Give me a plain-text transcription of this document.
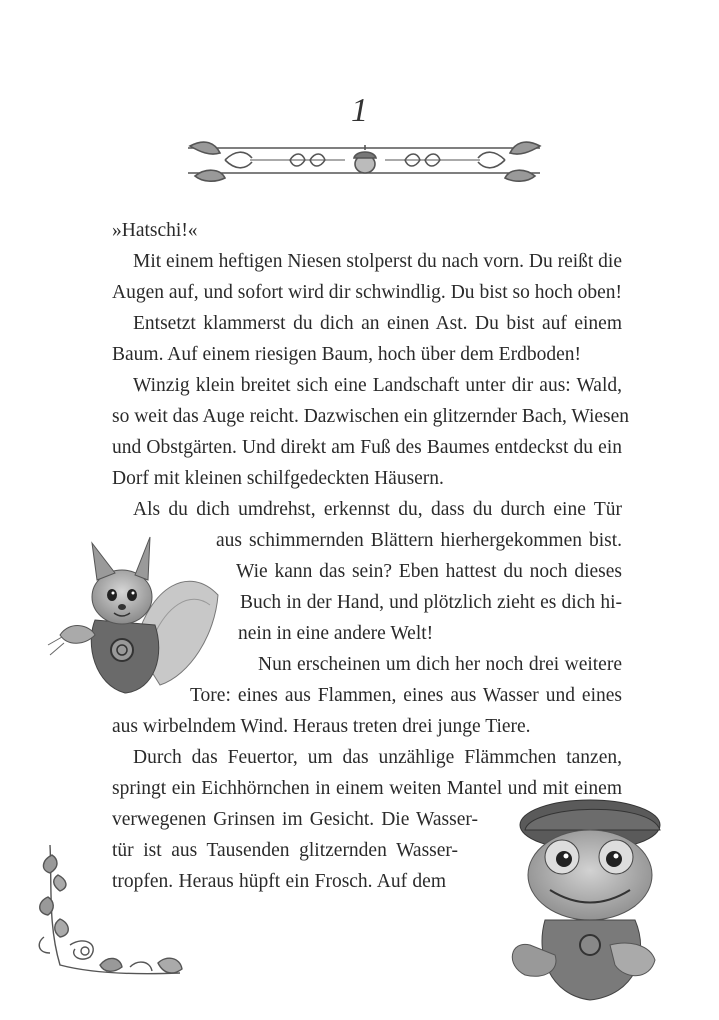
1
»Hatschi!«
Mit einem heftigen Niesen stolperst du nach vorn. Du reißt die
Augen auf, und sofort wird dir schwindlig. Du bist so hoch oben!
Entsetzt klammerst du dich an einen Ast. Du bist auf einem
Baum. Auf einem riesigen Baum, hoch über dem Erdboden!
Winzig klein breitet sich eine Landschaft unter dir aus: Wald,
so weit das Auge reicht. Dazwischen ein glitzernder Bach, Wiesen
und Obstgärten. Und direkt am Fuß des Baumes entdeckst du ein
Dorf mit kleinen schilfgedeckten Häusern.
Als du dich umdrehst, erkennst du, dass du durch eine Tür
aus schimmernden Blättern hierhergekommen bist.
Wie kann das sein? Eben hattest du noch dieses
Buch in der Hand, und plötzlich zieht es dich hi-
nein in eine andere Welt!
Nun erscheinen um dich her noch drei weitere
Tore: eines aus Flammen, eines aus Wasser und eines
aus wirbelndem Wind. Heraus treten drei junge Tiere.
Durch das Feuertor, um das unzählige Flämmchen tanzen,
springt ein Eichhörnchen in einem weiten Mantel und mit einem
verwegenen Grinsen im Gesicht. Die Wasser-
tür ist aus Tausenden glitzernden Wasser-
tropfen. Heraus hüpft ein Frosch. Auf dem
